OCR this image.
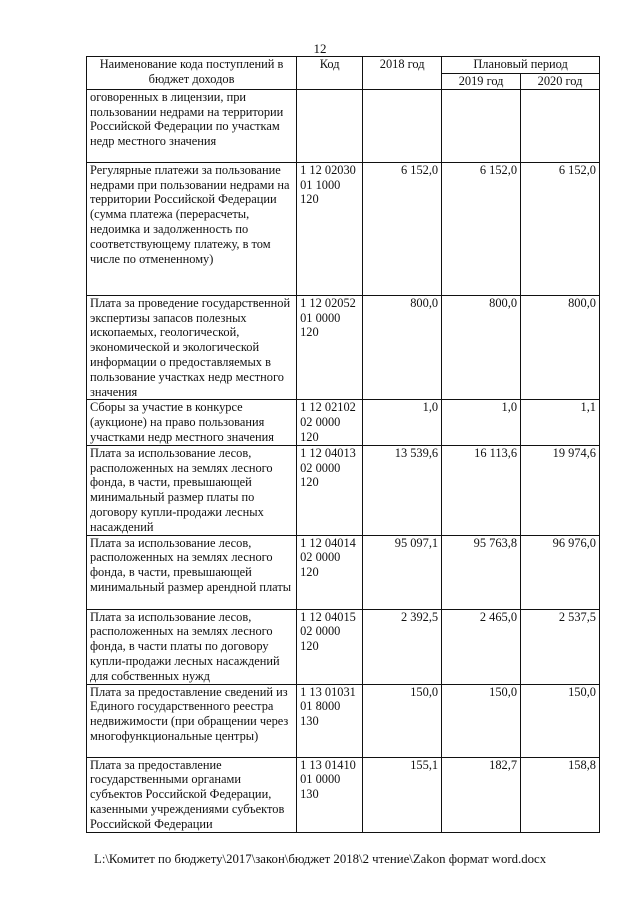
12
Наименование кода поступлений в бюджет доходов	Код	2018 год	Плановый период	
			2019 год	2020 год
оговоренных в лицензии, при пользовании недрами на территории Российской Федерации по участкам недр местного значения				
Регулярные платежи за пользование недрами при пользовании недрами на территории Российской Федерации (сумма платежа (перерасчеты, недоимка и задолженность по соответствующему платежу, в том числе по отмененному)	1 12 02030 01 1000 120	6 152,0	6 152,0	6 152,0
Плата за проведение государственной экспертизы запасов полезных ископаемых, геологической, экономической и экологической информации о предоставляемых в пользование участках недр местного значения	1 12 02052 01 0000 120	800,0	800,0	800,0
Сборы за участие в конкурсе (аукционе) на право пользования участками недр местного значения	1 12 02102 02 0000 120	1,0	1,0	1,1
Плата за использование лесов, расположенных на землях лесного фонда, в части, превышающей минимальный размер платы по договору купли-продажи лесных насаждений	1 12 04013 02 0000 120	13 539,6	16 113,6	19 974,6
Плата за использование лесов, расположенных на землях лесного фонда, в части, превышающей минимальный размер арендной платы	1 12 04014 02 0000 120	95 097,1	95 763,8	96 976,0
Плата за использование лесов, расположенных на землях лесного фонда, в части платы по договору купли-продажи лесных насаждений для собственных нужд	1 12 04015 02 0000 120	2 392,5	2 465,0	2 537,5
Плата за предоставление сведений из Единого государственного реестра недвижимости (при обращении через многофункциональные центры)	1 13 01031 01 8000 130	150,0	150,0	150,0
Плата за предоставление государственными органами субъектов Российской Федерации, казенными учреждениями субъектов Российской Федерации	1 13 01410 01 0000 130	155,1	182,7	158,8
L:\Комитет по бюджету\2017\закон\бюджет 2018\2 чтение\Zakon формат word.docx
